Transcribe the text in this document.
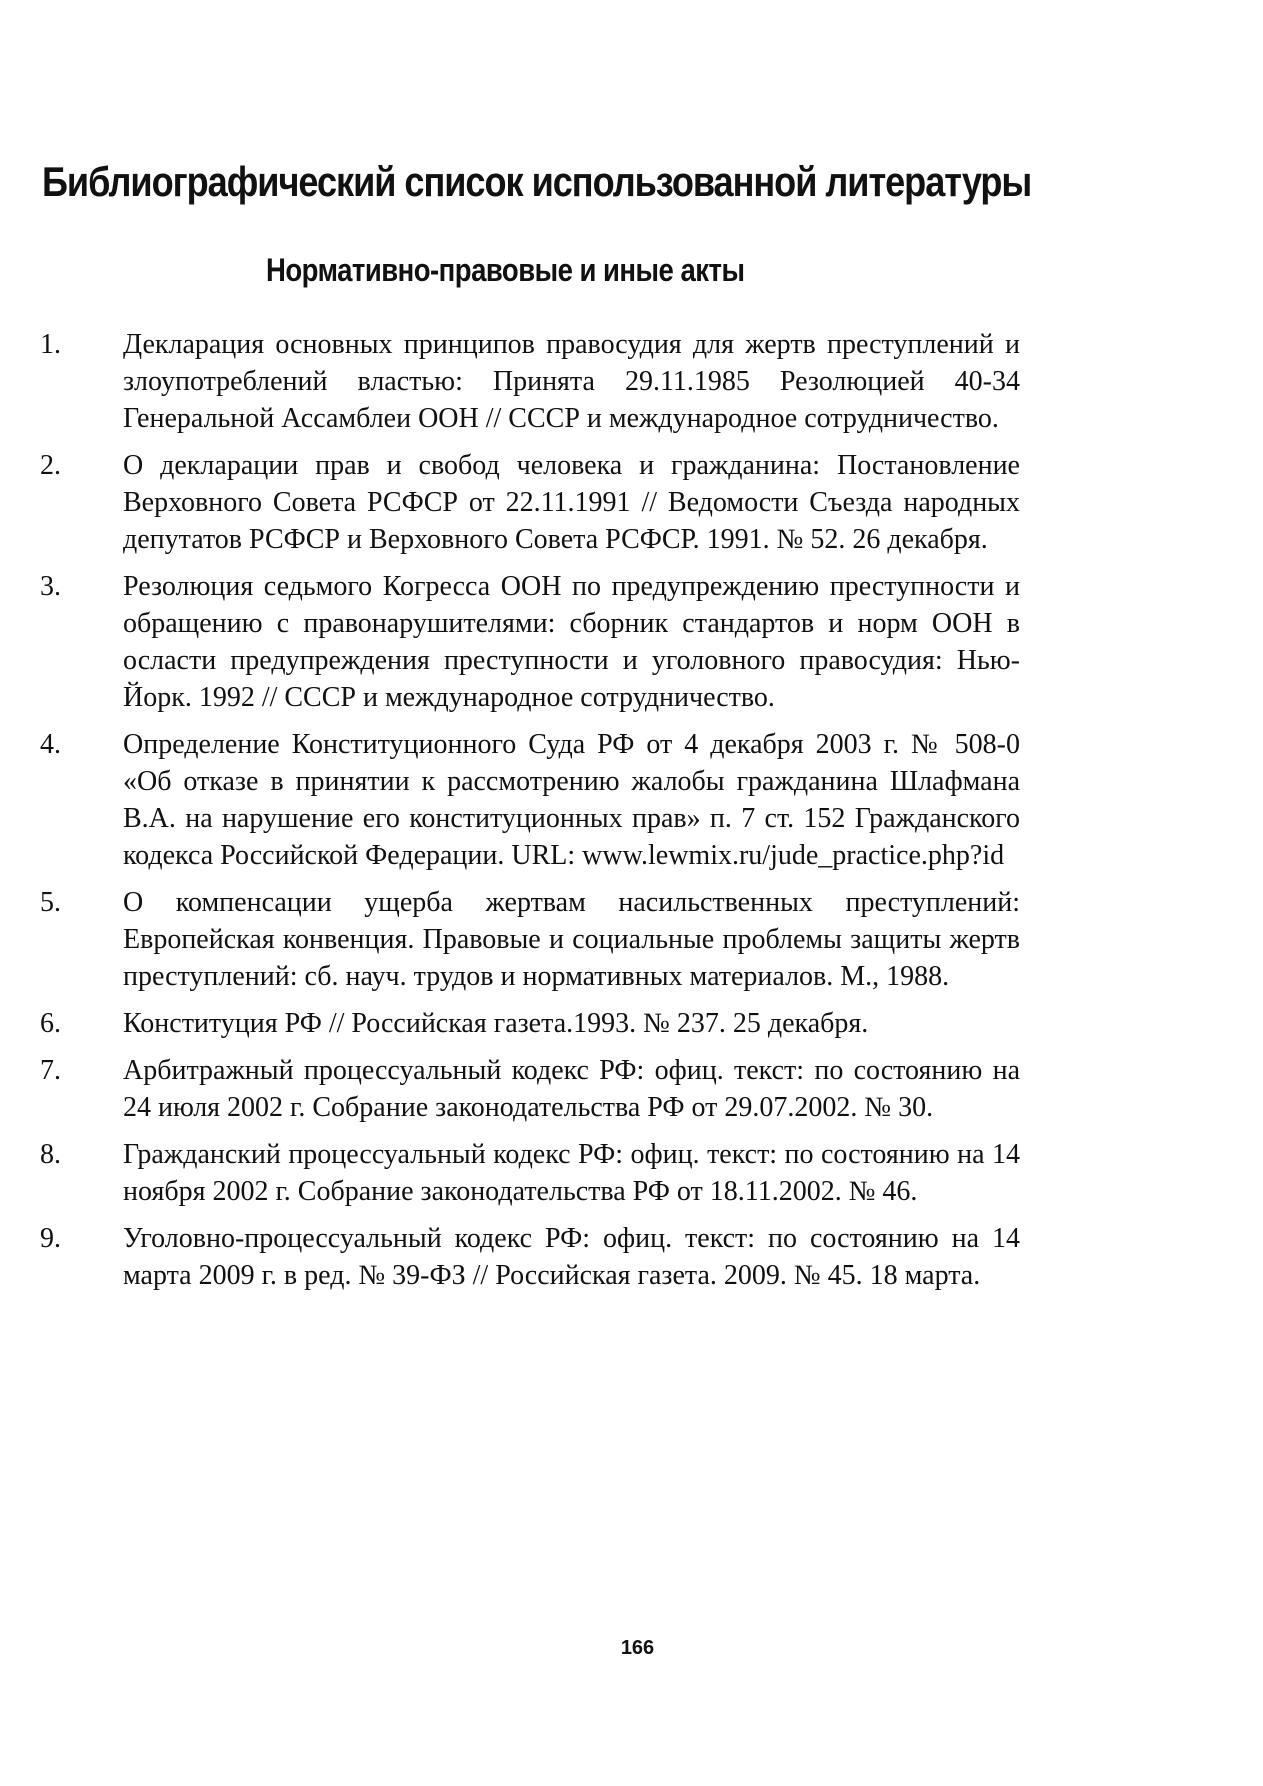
Библиографический список использованной литературы
Нормативно-правовые и иные акты
1. Декларация основных принципов правосудия для жертв преступлений и злоупотреблений властью: Принята 29.11.1985 Резолюцией 40-34 Генеральной Ассамблеи ООН // СССР и международное сотрудничество.
2. О декларации прав и свобод человека и гражданина: Постановление Верховного Совета РСФСР от 22.11.1991 // Ведомости Съезда народных депутатов РСФСР и Верховного Совета РСФСР. 1991. № 52. 26 декабря.
3. Резолюция седьмого Когресса ООН по предупреждению преступности и обращению с правонарушителями: сборник стандартов и норм ООН в осласти предупреждения преступности и уголовного правосудия: Нью-Йорк. 1992 // СССР и международное сотрудничество.
4. Определение Конституционного Суда РФ от 4 декабря 2003 г. № 508-0 «Об отказе в принятии к рассмотрению жалобы гражданина Шлафмана В.А. на нарушение его конституционных прав» п. 7 ст. 152 Гражданского кодекса Российской Федерации. URL: www.lewmix.ru/jude_practice.php?id
5. О компенсации ущерба жертвам насильственных преступлений: Европейская конвенция. Правовые и социальные проблемы защиты жертв преступлений: сб. науч. трудов и нормативных материалов. М., 1988.
6. Конституция РФ // Российская газета.1993. № 237. 25 декабря.
7. Арбитражный процессуальный кодекс РФ: офиц. текст: по состоянию на 24 июля 2002 г. Собрание законодательства РФ от 29.07.2002. № 30.
8. Гражданский процессуальный кодекс РФ: офиц. текст: по состоянию на 14 ноября 2002 г. Собрание законодательства РФ от 18.11.2002. № 46.
9. Уголовно-процессуальный кодекс РФ: офиц. текст: по состоянию на 14 марта 2009 г. в ред. № 39-ФЗ // Российская газета. 2009. № 45. 18 марта.
166
